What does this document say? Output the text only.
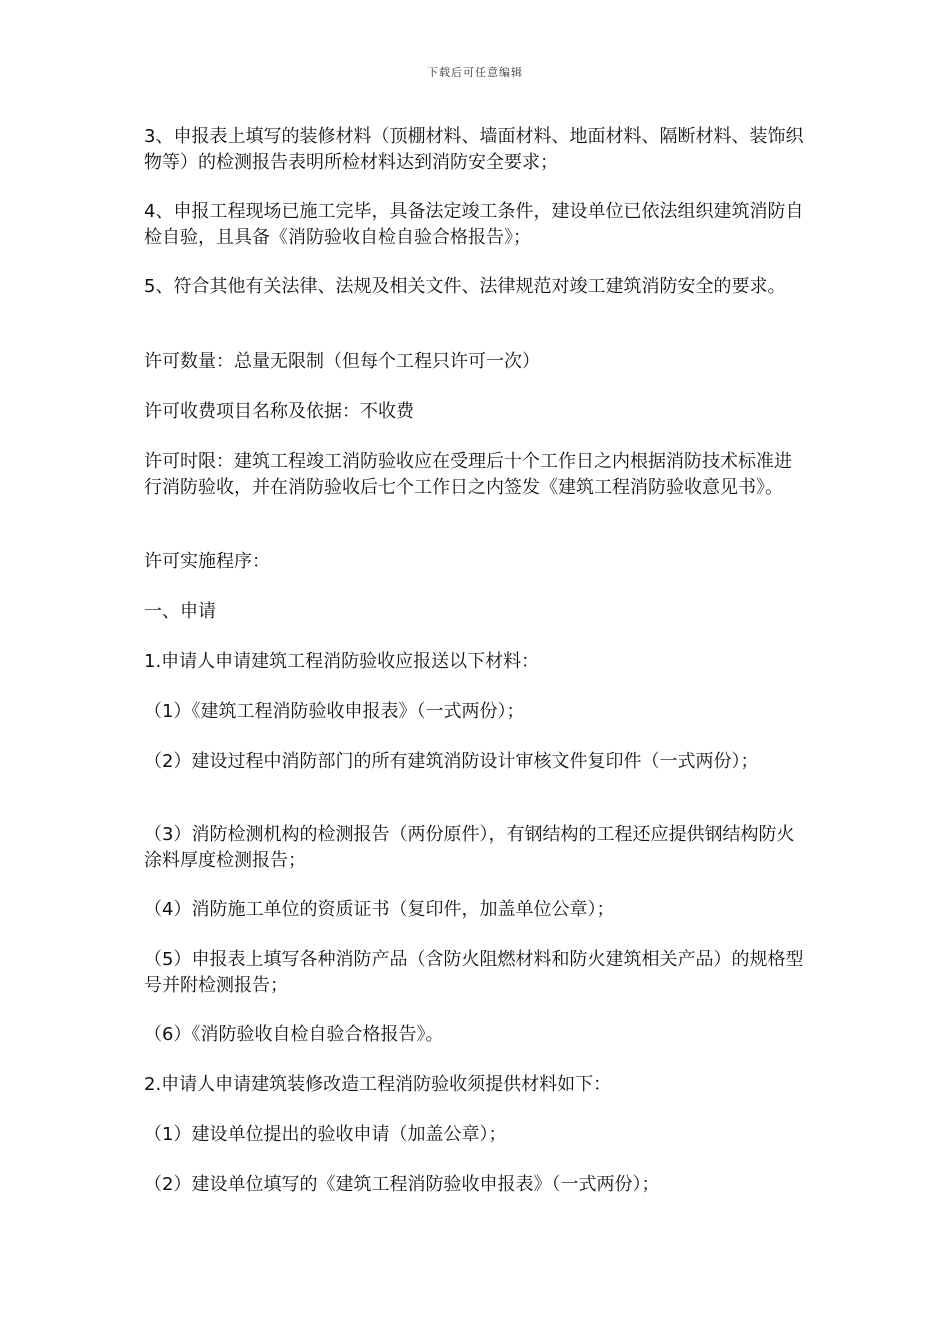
下载后可任意编辑
3、申报表上填写的装修材料（顶棚材料、墙面材料、地面材料、隔断材料、装饰织物等）的检测报告表明所检材料达到消防安全要求；
4、申报工程现场已施工完毕，具备法定竣工条件，建设单位已依法组织建筑消防自检自验，且具备《消防验收自检自验合格报告》；
5、符合其他有关法律、法规及相关文件、法律规范对竣工建筑消防安全的要求。
许可数量：总量无限制（但每个工程只许可一次）
许可收费项目名称及依据：不收费
许可时限：建筑工程竣工消防验收应在受理后十个工作日之内根据消防技术标准进行消防验收，并在消防验收后七个工作日之内签发《建筑工程消防验收意见书》。
许可实施程序：
一、申请
1.申请人申请建筑工程消防验收应报送以下材料：
（1）《建筑工程消防验收申报表》（一式两份）；
（2）建设过程中消防部门的所有建筑消防设计审核文件复印件（一式两份）；
（3）消防检测机构的检测报告（两份原件），有钢结构的工程还应提供钢结构防火涂料厚度检测报告；
（4）消防施工单位的资质证书（复印件，加盖单位公章）；
（5）申报表上填写各种消防产品（含防火阻燃材料和防火建筑相关产品）的规格型号并附检测报告；
（6）《消防验收自检自验合格报告》。
2.申请人申请建筑装修改造工程消防验收须提供材料如下：
（1）建设单位提出的验收申请（加盖公章）；
（2）建设单位填写的《建筑工程消防验收申报表》（一式两份）；
